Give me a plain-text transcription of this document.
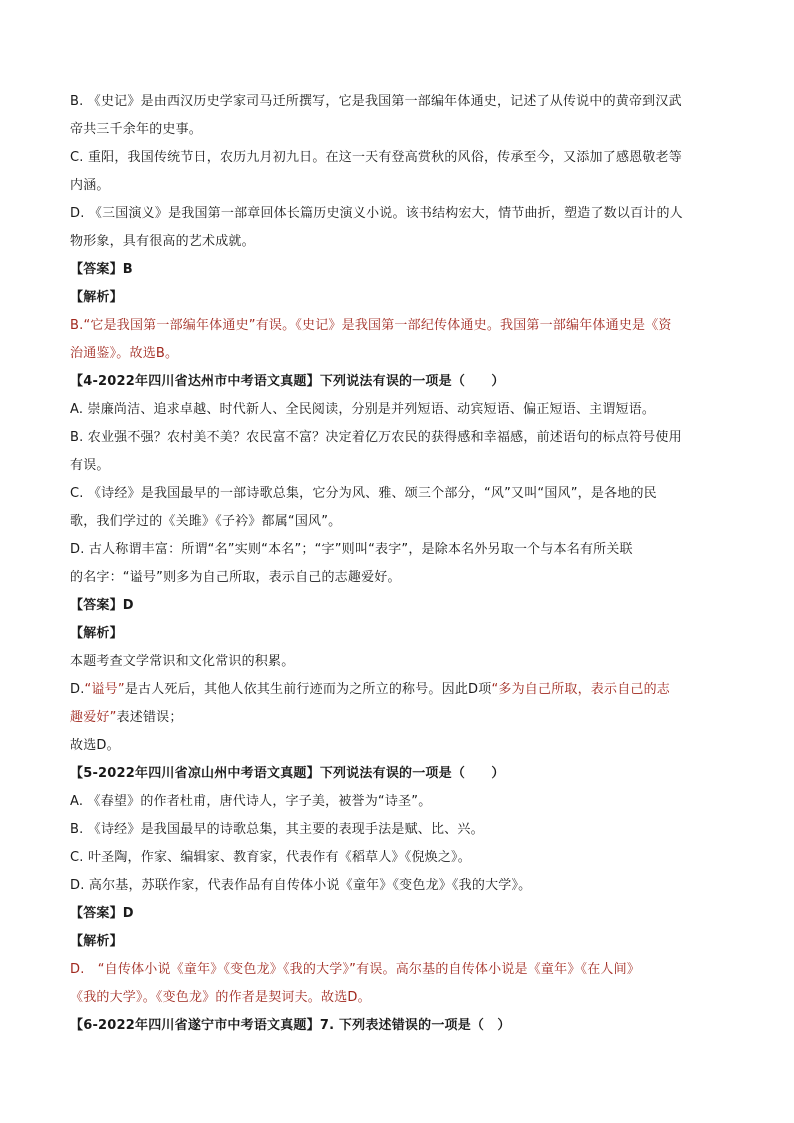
B. 《史记》是由西汉历史学家司马迁所撰写，它是我国第一部编年体通史，记述了从传说中的黄帝到汉武
帝共三千余年的史事。
C. 重阳，我国传统节日，农历九月初九日。在这一天有登高赏秋的风俗，传承至今，又添加了感恩敬老等
内涵。
D. 《三国演义》是我国第一部章回体长篇历史演义小说。该书结构宏大，情节曲折，塑造了数以百计的人
物形象，具有很高的艺术成就。
【答案】B
【解析】
B.“它是我国第一部编年体通史”有误。《史记》是我国第一部纪传体通史。我国第一部编年体通史是《资
治通鉴》。故选B。
【4-2022年四川省达州市中考语文真题】下列说法有误的一项是（　　）
A. 崇廉尚洁、追求卓越、时代新人、全民阅读，分别是并列短语、动宾短语、偏正短语、主谓短语。
B. 农业强不强？农村美不美？农民富不富？决定着亿万农民的获得感和幸福感，前述语句的标点符号使用
有误。
C. 《诗经》是我国最早的一部诗歌总集，它分为风、雅、颂三个部分，“风”又叫“国风”，是各地的民
歌，我们学过的《关雎》《子衿》都属“国风”。
D. 古人称谓丰富：所谓“名”实则“本名”；“字”则叫“表字”，是除本名外另取一个与本名有所关联
的名字：“谥号”则多为自己所取，表示自己的志趣爱好。
【答案】D
【解析】
本题考查文学常识和文化常识的积累。
D.“谥号”是古人死后，其他人依其生前行迹而为之所立的称号。因此D项“多为自己所取，表示自己的志
趣爱好”表述错误；
故选D。
【5-2022年四川省凉山州中考语文真题】下列说法有误的一项是（　　）
A. 《春望》的作者杜甫，唐代诗人，字子美，被誉为“诗圣”。
B. 《诗经》是我国最早的诗歌总集，其主要的表现手法是赋、比、兴。
C. 叶圣陶，作家、编辑家、教育家，代表作有《稻草人》《倪焕之》。
D. 高尔基，苏联作家，代表作品有自传体小说《童年》《变色龙》《我的大学》。
【答案】D
【解析】
D.　“自传体小说《童年》《变色龙》《我的大学》”有误。高尔基的自传体小说是《童年》《在人间》
《我的大学》。《变色龙》的作者是契诃夫。故选D。
【6-2022年四川省遂宁市中考语文真题】7. 下列表述错误的一项是（　）
